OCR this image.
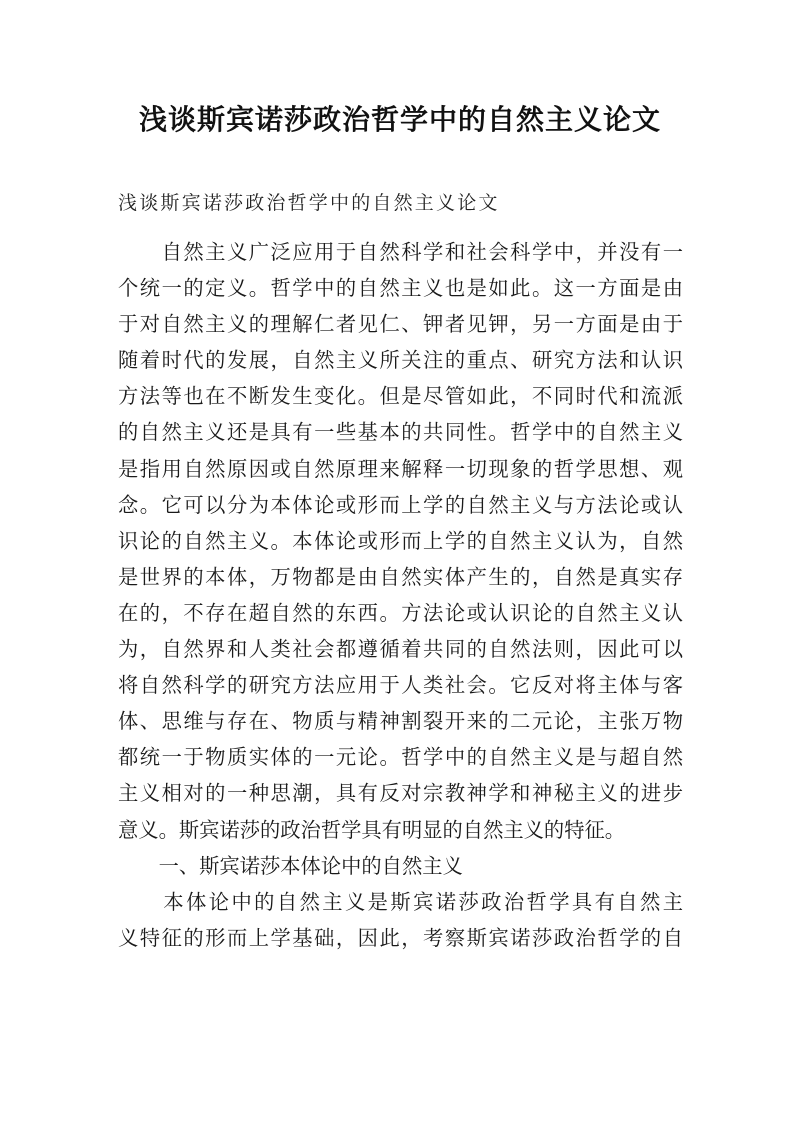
浅谈斯宾诺莎政治哲学中的自然主义论文
浅谈斯宾诺莎政治哲学中的自然主义论文
　　自然主义广泛应用于自然科学和社会科学中，并没有一
个统一的定义。哲学中的自然主义也是如此。这一方面是由
于对自然主义的理解仁者见仁、钾者见钾，另一方面是由于
随着时代的发展，自然主义所关注的重点、研究方法和认识
方法等也在不断发生变化。但是尽管如此，不同时代和流派
的自然主义还是具有一些基本的共同性。哲学中的自然主义
是指用自然原因或自然原理来解释一切现象的哲学思想、观
念。它可以分为本体论或形而上学的自然主义与方法论或认
识论的自然主义。本体论或形而上学的自然主义认为，自然
是世界的本体，万物都是由自然实体产生的，自然是真实存
在的，不存在超自然的东西。方法论或认识论的自然主义认
为，自然界和人类社会都遵循着共同的自然法则，因此可以
将自然科学的研究方法应用于人类社会。它反对将主体与客
体、思维与存在、物质与精神割裂开来的二元论，主张万物
都统一于物质实体的一元论。哲学中的自然主义是与超自然
主义相对的一种思潮，具有反对宗教神学和神秘主义的进步
意义。斯宾诺莎的政治哲学具有明显的自然主义的特征。
　　一、斯宾诺莎本体论中的自然主义
　　本体论中的自然主义是斯宾诺莎政治哲学具有自然主
义特征的形而上学基础，因此，考察斯宾诺莎政治哲学的自
